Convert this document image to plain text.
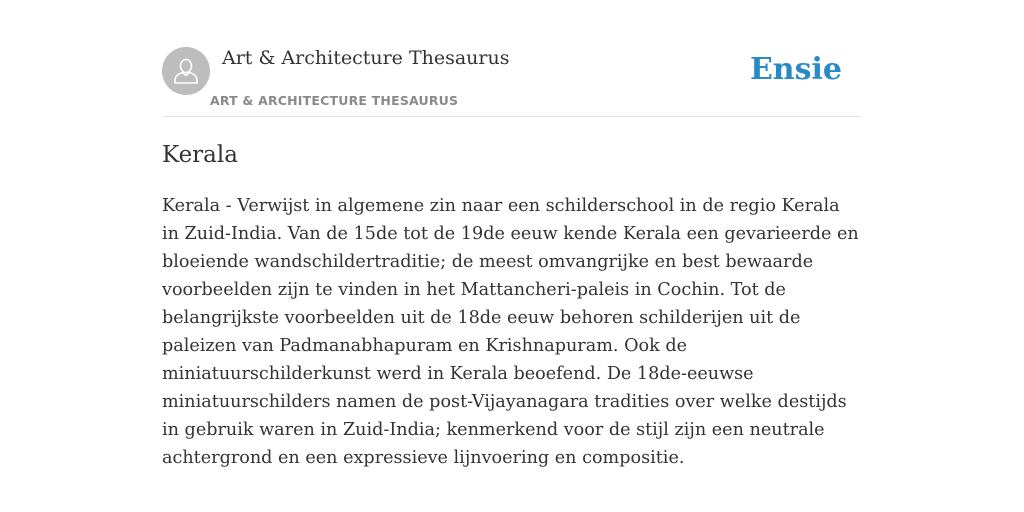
Art & Architecture Thesaurus
ART & ARCHITECTURE THESAURUS
Ensie
Kerala

Kerala - Verwijst in algemene zin naar een schilderschool in de regio Kerala in Zuid-India. Van de 15de tot de 19de eeuw kende Kerala een gevarieerde en bloeiende wandschildertraditie; de meest omvangrijke en best bewaarde voorbeelden zijn te vinden in het Mattancheri-paleis in Cochin. Tot de belangrijkste voorbeelden uit de 18de eeuw behoren schilderijen uit de paleizen van Padmanabhapuram en Krishnapuram. Ook de miniatuurschilderkunst werd in Kerala beoefend. De 18de-eeuwse miniatuurschilders namen de post-Vijayanagara tradities over welke destijds in gebruik waren in Zuid-India; kenmerkend voor de stijl zijn een neutrale achtergrond en een expressieve lijnvoering en compositie.
